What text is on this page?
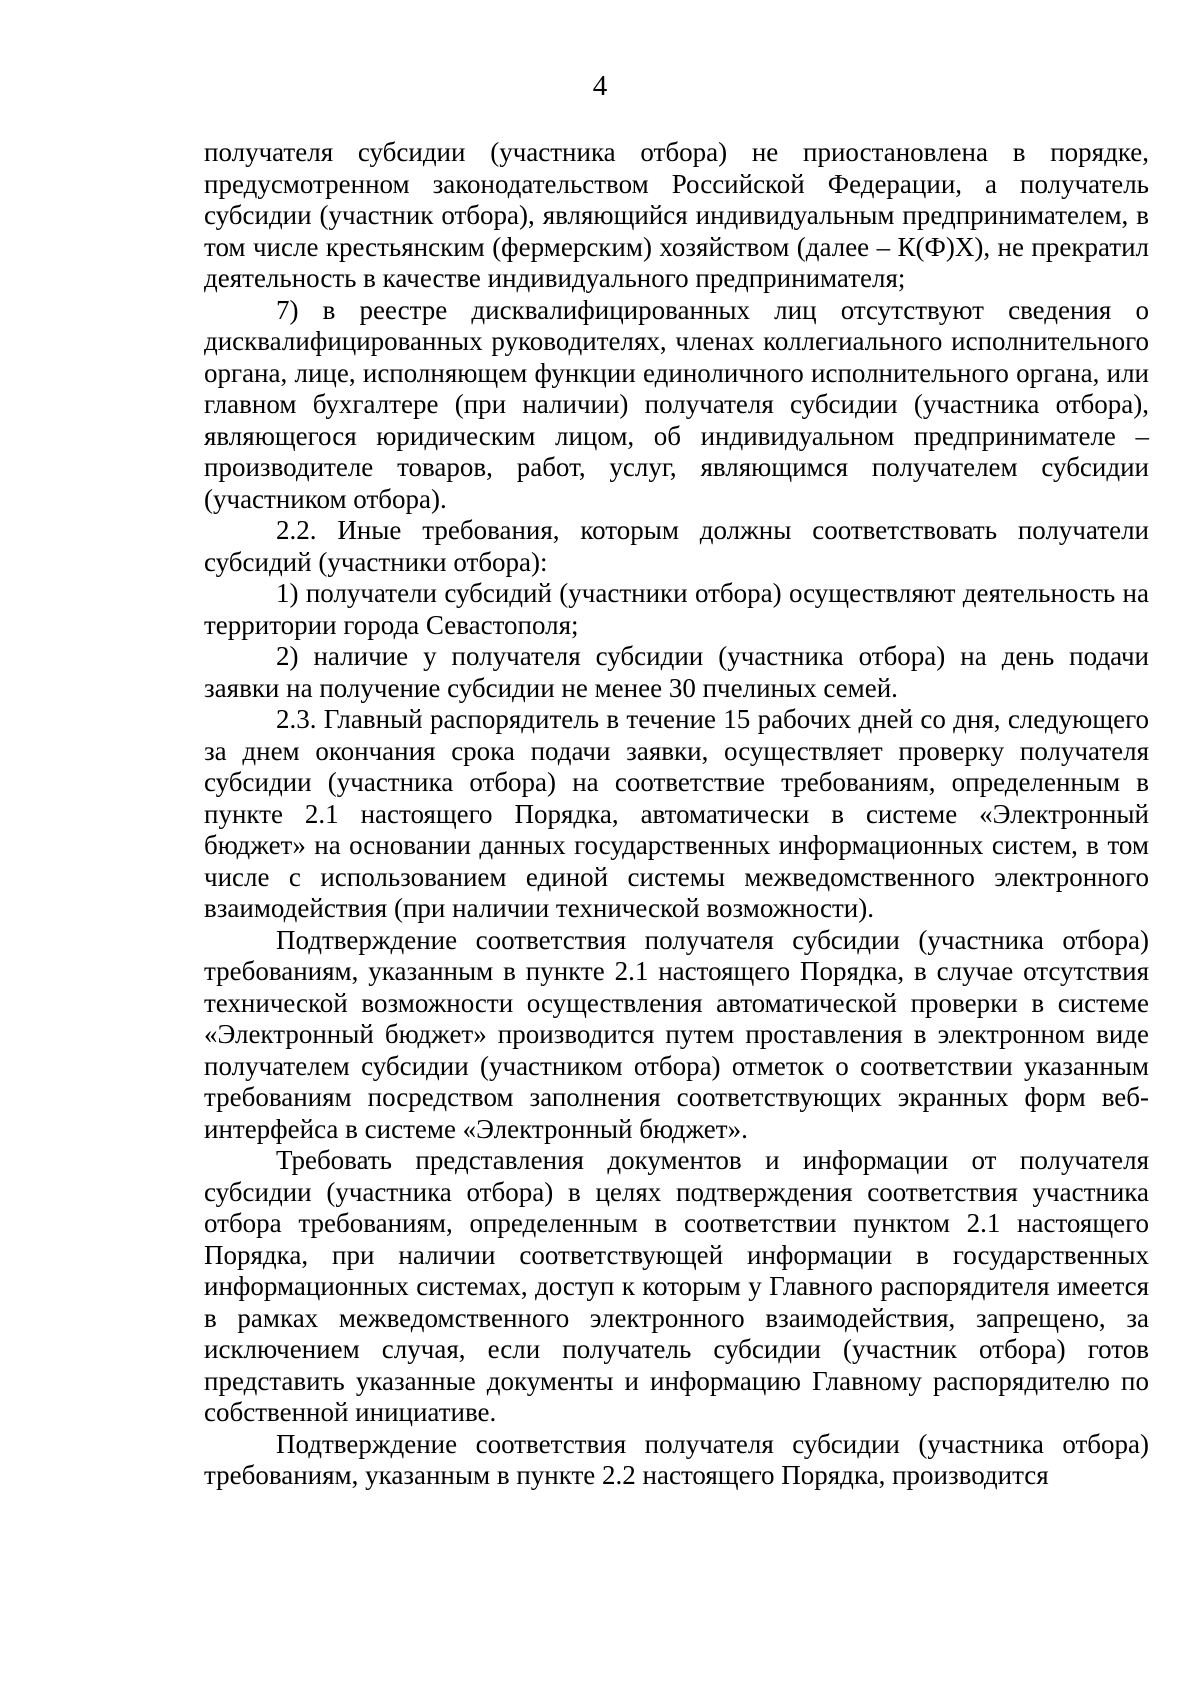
4

получателя субсидии (участника отбора) не приостановлена в порядке, предусмотренном законодательством Российской Федерации, а получатель субсидии (участник отбора), являющийся индивидуальным предпринимателем, в том числе крестьянским (фермерским) хозяйством (далее – К(Ф)Х), не прекратил деятельность в качестве индивидуального предпринимателя;

7) в реестре дисквалифицированных лиц отсутствуют сведения о дисквалифицированных руководителях, членах коллегиального исполнительного органа, лице, исполняющем функции единоличного исполнительного органа, или главном бухгалтере (при наличии) получателя субсидии (участника отбора), являющегося юридическим лицом, об индивидуальном предпринимателе – производителе товаров, работ, услуг, являющимся получателем субсидии (участником отбора).

2.2. Иные требования, которым должны соответствовать получатели субсидий (участники отбора):

1) получатели субсидий (участники отбора) осуществляют деятельность на территории города Севастополя;

2) наличие у получателя субсидии (участника отбора) на день подачи заявки на получение субсидии не менее 30 пчелиных семей.

2.3. Главный распорядитель в течение 15 рабочих дней со дня, следующего за днем окончания срока подачи заявки, осуществляет проверку получателя субсидии (участника отбора) на соответствие требованиям, определенным в пункте 2.1 настоящего Порядка, автоматически в системе «Электронный бюджет» на основании данных государственных информационных систем, в том числе с использованием единой системы межведомственного электронного взаимодействия (при наличии технической возможности).

Подтверждение соответствия получателя субсидии (участника отбора) требованиям, указанным в пункте 2.1 настоящего Порядка, в случае отсутствия технической возможности осуществления автоматической проверки в системе «Электронный бюджет» производится путем проставления в электронном виде получателем субсидии (участником отбора) отметок о соответствии указанным требованиям посредством заполнения соответствующих экранных форм веб-интерфейса в системе «Электронный бюджет».

Требовать представления документов и информации от получателя субсидии (участника отбора) в целях подтверждения соответствия участника отбора требованиям, определенным в соответствии пунктом 2.1 настоящего Порядка, при наличии соответствующей информации в государственных информационных системах, доступ к которым у Главного распорядителя имеется в рамках межведомственного электронного взаимодействия, запрещено, за исключением случая, если получатель субсидии (участник отбора) готов представить указанные документы и информацию Главному распорядителю по собственной инициативе.

Подтверждение соответствия получателя субсидии (участника отбора) требованиям, указанным в пункте 2.2 настоящего Порядка, производится
